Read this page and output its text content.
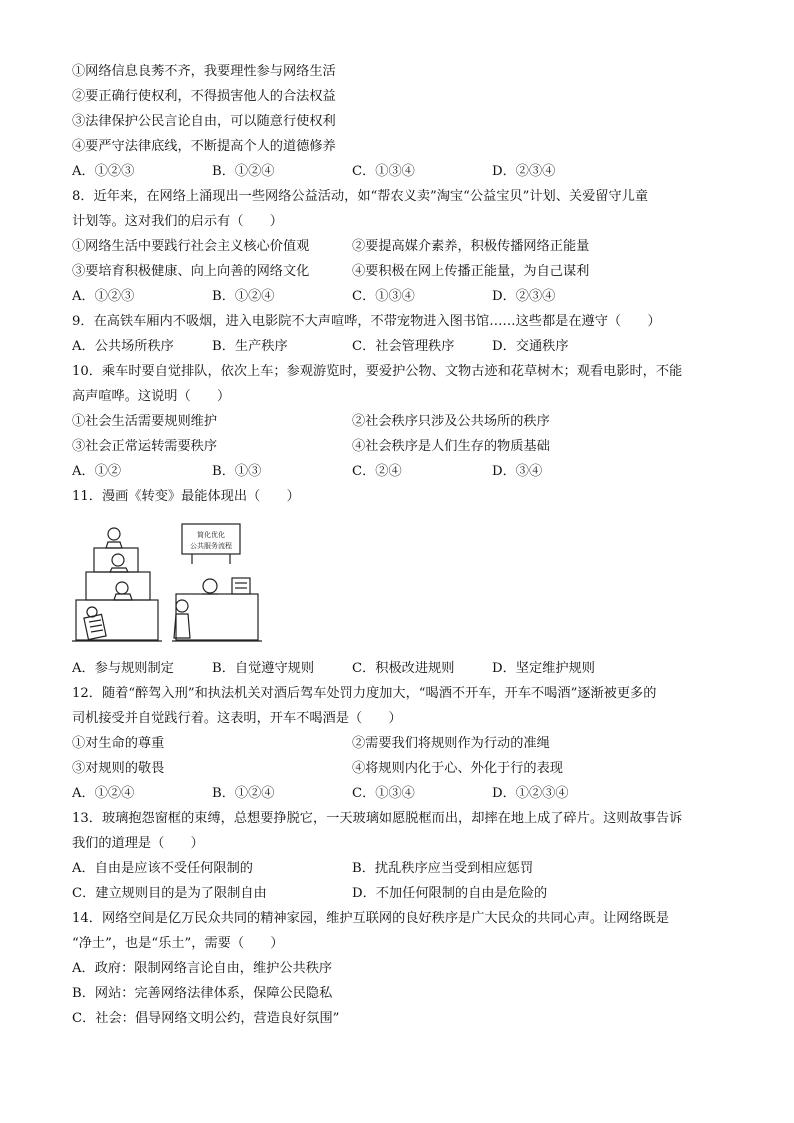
①网络信息良莠不齐，我要理性参与网络生活
②要正确行使权利，不得损害他人的合法权益
③法律保护公民言论自由，可以随意行使权利
④要严守法律底线，不断提高个人的道德修养
A．①②③	B．①②④	C．①③④	D．②③④
8．近年来，在网络上涌现出一些网络公益活动，如“帮农义卖”淘宝“公益宝贝”计划、关爱留守儿童
计划等。这对我们的启示有（　　）
①网络生活中要践行社会主义核心价值观	②要提高媒介素养，积极传播网络正能量
③要培育积极健康、向上向善的网络文化	④要积极在网上传播正能量，为自己谋利
A．①②③	B．①②④	C．①③④	D．②③④
9．在高铁车厢内不吸烟，进入电影院不大声喧哗，不带宠物进入图书馆……这些都是在遵守（　　）
A．公共场所秩序	B．生产秩序	C．社会管理秩序	D．交通秩序
10．乘车时要自觉排队，依次上车；参观游览时，要爱护公物、文物古迹和花草树木；观看电影时，不能
高声喧哗。这说明（　　）
①社会生活需要规则维护	②社会秩序只涉及公共场所的秩序
③社会正常运转需要秩序	④社会秩序是人们生存的物质基础
A．①②	B．①③	C．②④	D．③④
11．漫画《转变》最能体现出（　　）
简化优化
公共服务流程
A．参与规则制定	B．自觉遵守规则	C．积极改进规则	D．坚定维护规则
12．随着“醉驾入刑”和执法机关对酒后驾车处罚力度加大，“喝酒不开车，开车不喝酒”逐渐被更多的
司机接受并自觉践行着。这表明，开车不喝酒是（　　）
①对生命的尊重	②需要我们将规则作为行动的准绳
③对规则的敬畏	④将规则内化于心、外化于行的表现
A．①②④	B．①②④	C．①③④	D．①②③④
13．玻璃抱怨窗框的束缚，总想要挣脱它，一天玻璃如愿脱框而出，却摔在地上成了碎片。这则故事告诉
我们的道理是（　　）
A．自由是应该不受任何限制的	B．扰乱秩序应当受到相应惩罚
C．建立规则目的是为了限制自由	D．不加任何限制的自由是危险的
14．网络空间是亿万民众共同的精神家园，维护互联网的良好秩序是广大民众的共同心声。让网络既是
“净土”，也是“乐土”，需要（　　）
A．政府：限制网络言论自由，维护公共秩序
B．网站：完善网络法律体系，保障公民隐私
C．社会：倡导网络文明公约，营造良好氛围”
